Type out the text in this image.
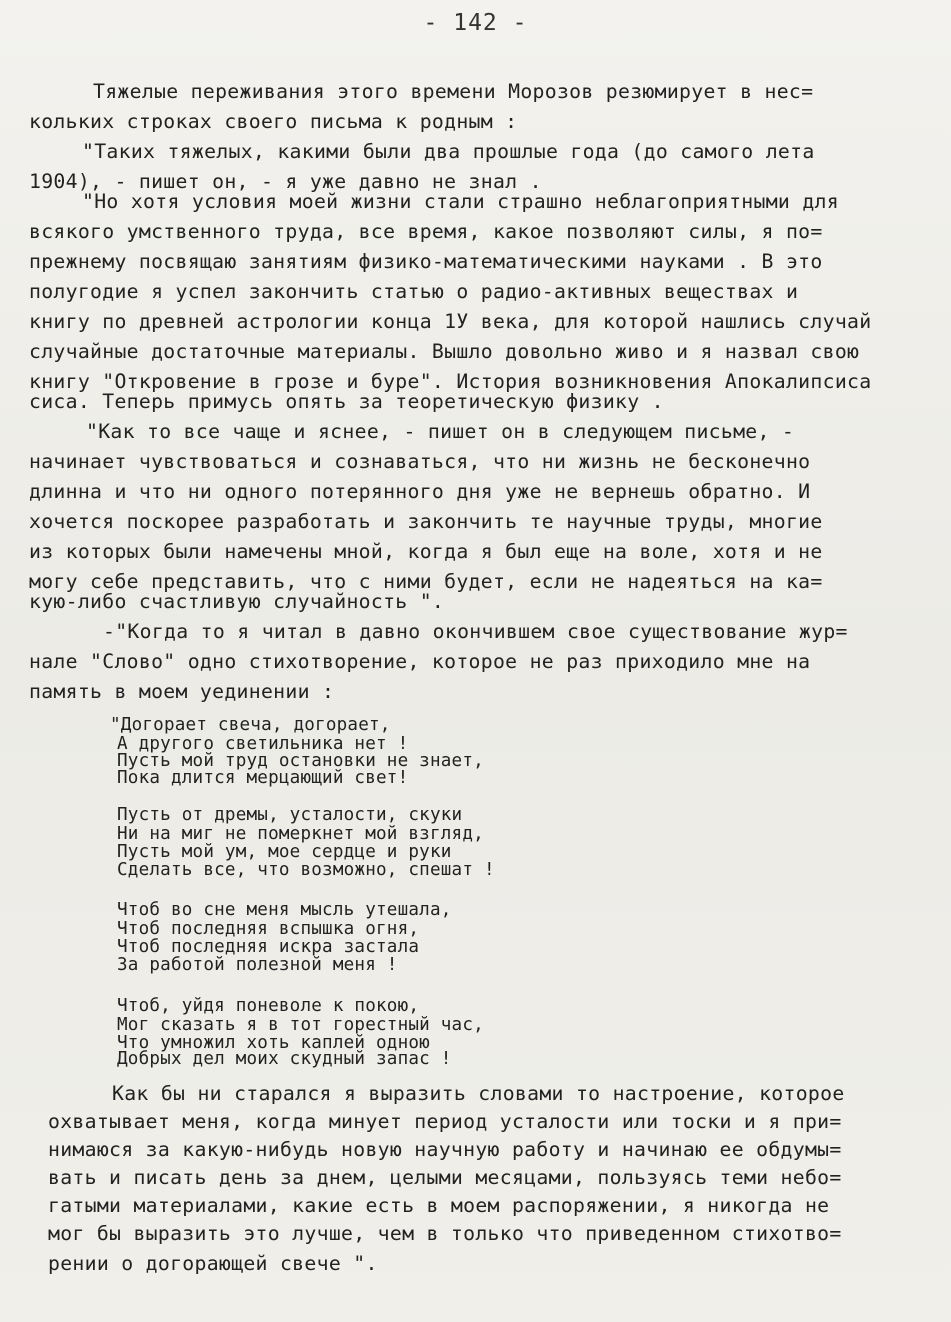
- 142 -
Тяжелые переживания этого времени Морозов резюмирует в нес=
кольких строках своего письма к родным :
"Таких тяжелых, какими были два прошлые года (до самого лета
1904), - пишет он, - я уже давно не знал .
"Но хотя условия моей жизни стали страшно неблагоприятными для
всякого умственного труда, все время, какое позволяют силы, я по=
прежнему посвящаю занятиям физико-математическими науками . В это
полугодие я успел закончить статью о радио-активных веществах и
книгу по древней астрологии конца 1У века, для которой нашлись случай
случайные достаточные материалы. Вышло довольно живо и я назвал свою
книгу "Откровение в грозе и буре". История возникновения Апокалипсиса
сиса. Теперь примусь опять за теоретическую физику .
"Как то все чаще и яснее, - пишет он в следующем письме, -
начинает чувствоваться и сознаваться, что ни жизнь не бесконечно
длинна и что ни одного потерянного дня уже не вернешь обратно. И
хочется поскорее разработать и закончить те научные труды, многие
из которых были намечены мной, когда я был еще на воле, хотя и не
могу себе представить, что с ними будет, если не надеяться на ка=
кую-либо счастливую случайность ".
-"Когда то я читал в давно окончившем свое существование жур=
нале "Слово" одно стихотворение, которое не раз приходило мне на
память в моем уединении :
"Догорает свеча, догорает,
А другого светильника нет !
Пусть мой труд остановки не знает,
Пока длится мерцающий свет!
Пусть от дремы, усталости, скуки
Ни на миг не померкнет мой взгляд,
Пусть мой ум, мое сердце и руки
Сделать все, что возможно, спешат !
Чтоб во сне меня мысль утешала,
Чтоб последняя вспышка огня,
Чтоб последняя искра застала
За работой полезной меня !
Чтоб, уйдя поневоле к покою,
Мог сказать я в тот горестный час,
Что умножил хоть каплей одною
Добрых дел моих скудный запас !
Как бы ни старался я выразить словами то настроение, которое
охватывает меня, когда минует период усталости или тоски и я при=
нимаюся за какую-нибудь новую научную работу и начинаю ее обдумы=
вать и писать день за днем, целыми месяцами, пользуясь теми небо=
гатыми материалами, какие есть в моем распоряжении, я никогда не
мог бы выразить это лучше, чем в только что приведенном стихотво=
рении о догорающей свече ".
